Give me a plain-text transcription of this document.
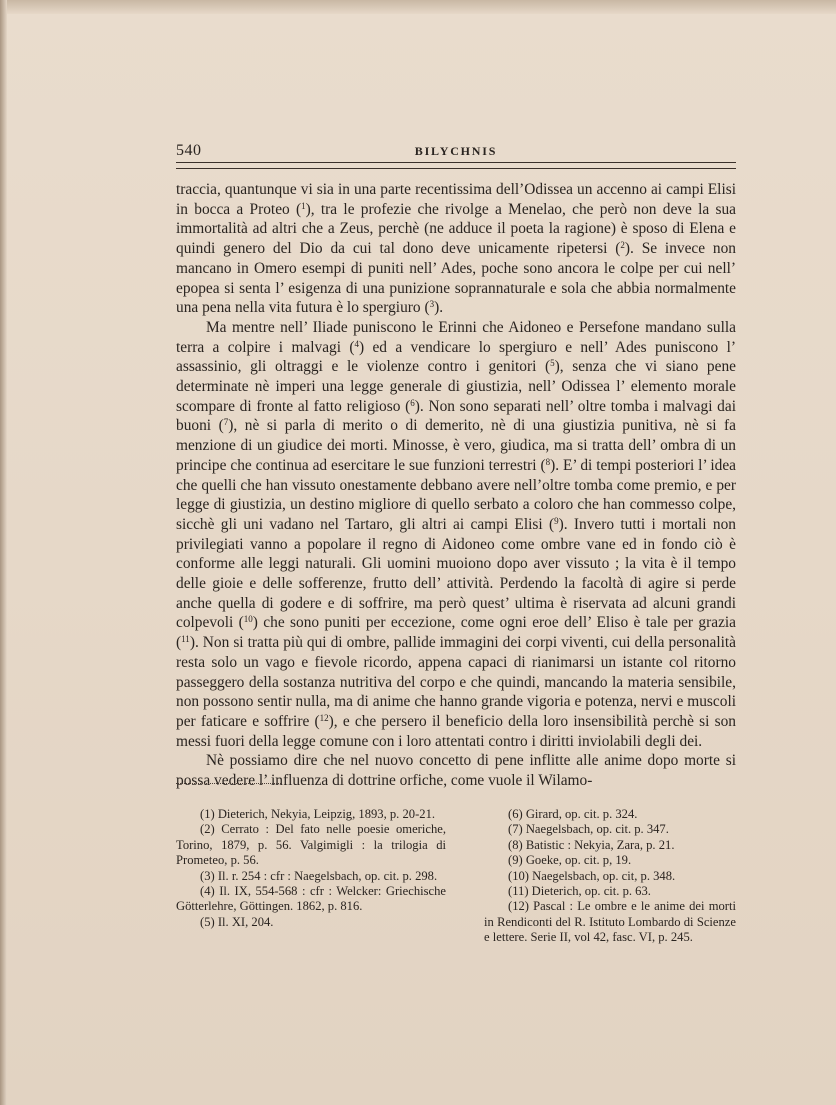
540	BILYCHNIS

traccia, quantunque vi sia in una parte recentissima dell’Odissea un accenno ai campi Elisi in bocca a Proteo ($^1$), tra le profezie che rivolge a Menelao, che però non deve la sua immortalità ad altri che a Zeus, perchè (ne adduce il poeta la ragione) è sposo di Elena e quindi genero del Dio da cui tal dono deve unicamente ripetersi ($^2$). Se invece non mancano in Omero esempi di puniti nell’ Ades, poche sono ancora le colpe per cui nell’ epopea si senta l’ esigenza di una punizione soprannaturale e sola che abbia normalmente una pena nella vita futura è lo spergiuro ($^3$).

Ma mentre nell’ Iliade puniscono le Erinni che Aidoneo e Persefone mandano sulla terra a colpire i malvagi ($^4$) ed a vendicare lo spergiuro e nell’ Ades puniscono l’ assassinio, gli oltraggi e le violenze contro i genitori ($^5$), senza che vi siano pene determinate nè imperi una legge generale di giustizia, nell’ Odissea l’ elemento morale scompare di fronte al fatto religioso ($^6$). Non sono separati nell’ oltre tomba i malvagi dai buoni ($^7$), nè si parla di merito o di demerito, nè di una giustizia punitiva, nè si fa menzione di un giudice dei morti. Minosse, è vero, giudica, ma si tratta dell’ ombra di un principe che continua ad esercitare le sue funzioni terrestri ($^8$). E’ di tempi posteriori l’ idea che quelli che han vissuto onestamente debbano avere nell’oltre tomba come premio, e per legge di giustizia, un destino migliore di quello serbato a coloro che han commesso colpe, sicchè gli uni vadano nel Tartaro, gli altri ai campi Elisi ($^9$). Invero tutti i mortali non privilegiati vanno a popolare il regno di Aidoneo come ombre vane ed in fondo ciò è conforme alle leggi naturali. Gli uomini muoiono dopo aver vissuto ; la vita è il tempo delle gioie e delle sofferenze, frutto dell’ attività. Perdendo la facoltà di agire si perde anche quella di godere e di soffrire, ma però quest’ ultima è riservata ad alcuni grandi colpevoli ($^{10}$) che sono puniti per eccezione, come ogni eroe dell’ Eliso è tale per grazia ($^{11}$). Non si tratta più qui di ombre, pallide immagini dei corpi viventi, cui della personalità resta solo un vago e fievole ricordo, appena capaci di rianimarsi un istante col ritorno passeggero della sostanza nutritiva del corpo e che quindi, mancando la materia sensibile, non possono sentir nulla, ma di anime che hanno grande vigoria e potenza, nervi e muscoli per faticare e soffrire ($^{12}$), e che persero il beneficio della loro insensibilità perchè si son messi fuori della legge comune con i loro attentati contro i diritti inviolabili degli dei.

Nè possiamo dire che nel nuovo concetto di pene inflitte alle anime dopo morte si possa vedere l’ influenza di dottrine orfiche, come vuole il Wilamo-

(1) Dieterich, Nekyia, Leipzig, 1893, p. 20-21.

(2) Cerrato : Del fato nelle poesie omeriche, Torino, 1879, p. 56. Valgimigli : la trilogia di Prometeo, p. 56.

(3) Il. r. 254 : cfr : Naegelsbach, op. cit. p. 298.

(4) Il. IX, 554-568 : cfr : Welcker: Griechische Götterlehre, Göttingen. 1862, p. 816.

(5) Il. XI, 204.

(6) Girard, op. cit. p. 324.

(7) Naegelsbach, op. cit. p. 347.

(8) Batistic : Nekyia, Zara, p. 21.

(9) Goeke, op. cit. p, 19.

(10) Naegelsbach, op. cit, p. 348.

(11) Dieterich, op. cit. p. 63.

(12) Pascal : Le ombre e le anime dei morti in Rendiconti del R. Istituto Lombardo di Scienze e lettere. Serie II, vol 42, fasc. VI, p. 245.
